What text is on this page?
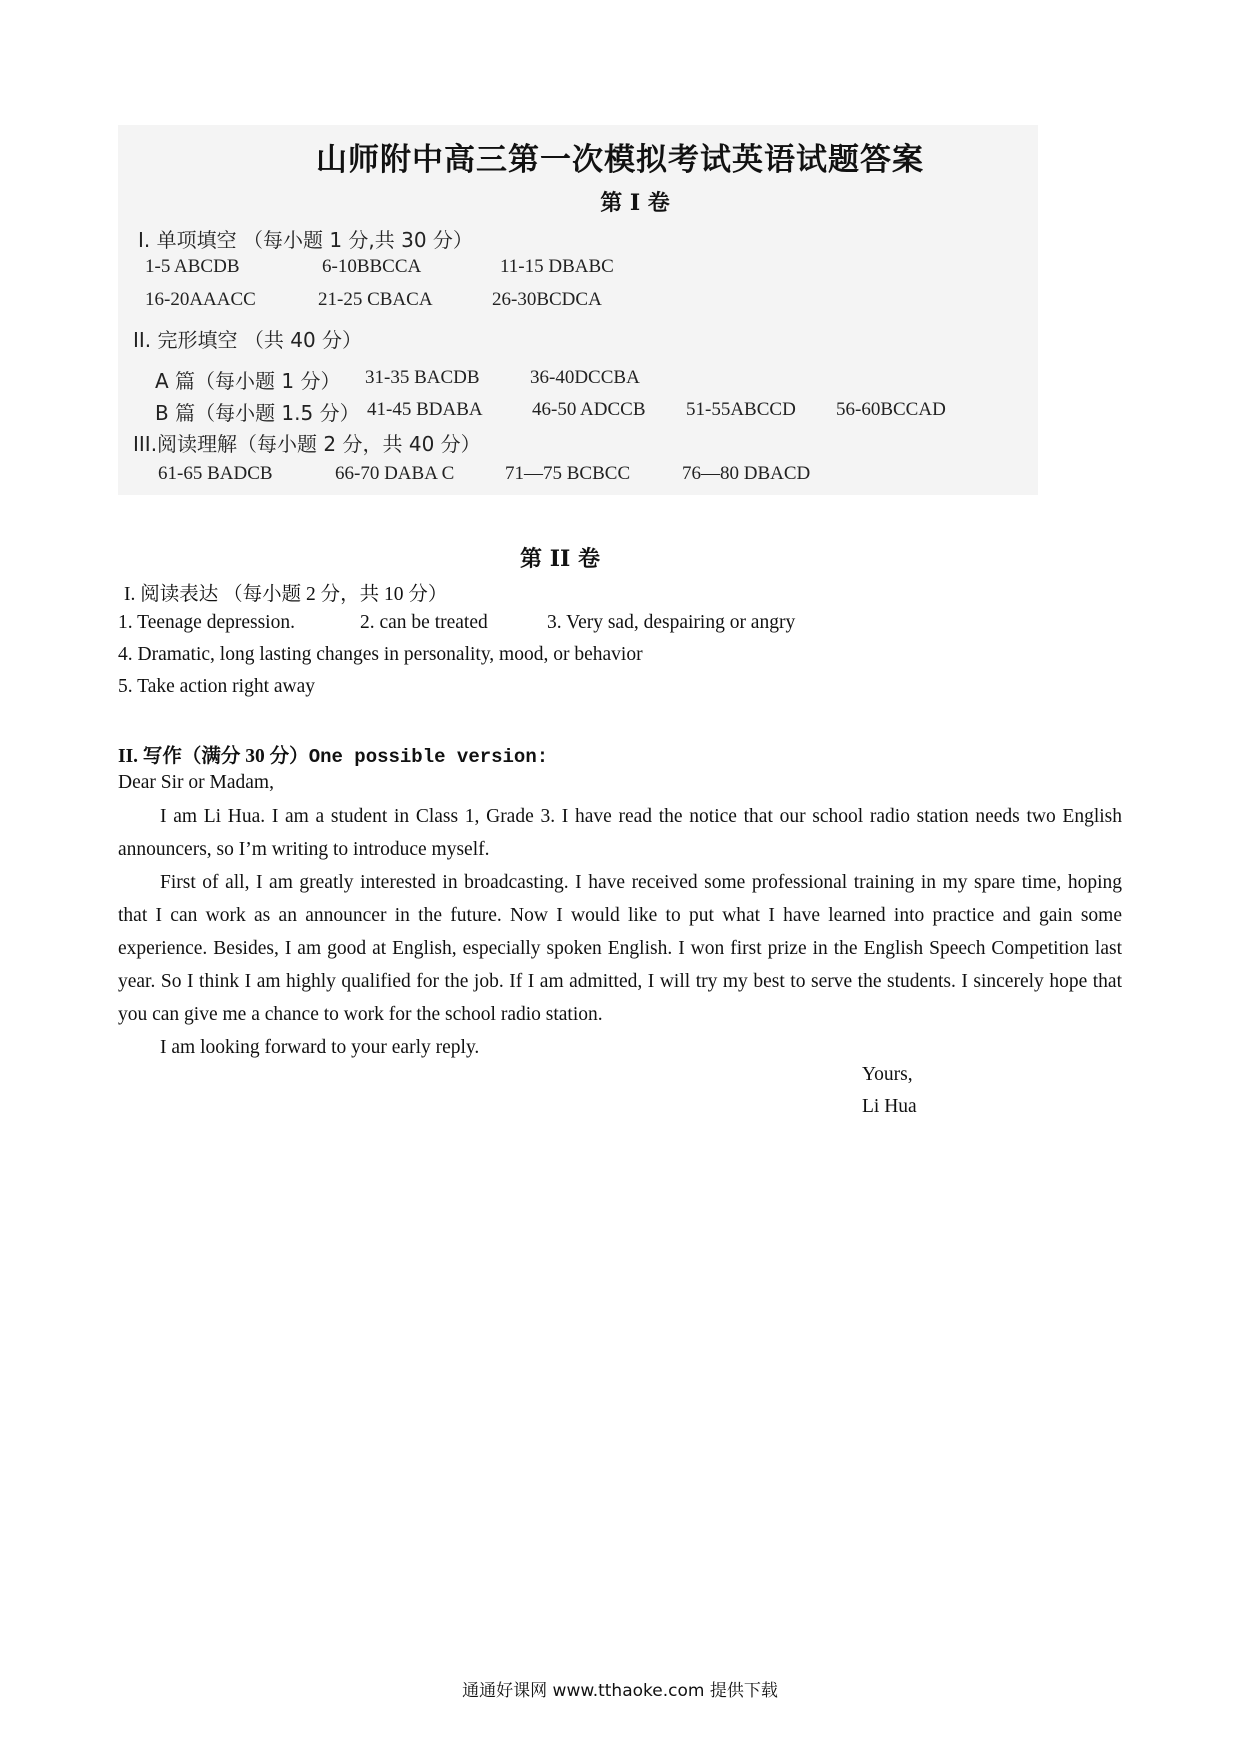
山师附中高三第一次模拟考试英语试题答案
第 I 卷
I. 单项填空 （每小题 1 分,共 30 分）
1-5 ABCDB	6-10BBCCA	11-15 DBABC
16-20AAACC	21-25 CBACA	26-30BCDCA
II. 完形填空 （共 40 分）
A 篇（每小题 1 分） 31-35 BACDB	36-40DCCBA
B 篇（每小题 1.5 分） 41-45 BDABA	46-50 ADCCB 51-55ABCCD 56-60BCCAD
III.阅读理解（每小题 2 分，共 40 分）
61-65 BADCB	66-70 DABA C	71—75 BCBCC	76—80 DBACD
第 II 卷
I. 阅读表达 （每小题 2 分，共 10 分）
1. Teenage depression.	2. can be treated	3. Very sad, despairing or angry
4. Dramatic, long lasting changes in personality, mood, or behavior
5. Take action right away
II. 写作（满分 30 分）One possible version:
Dear Sir or Madam,
I am Li Hua. I am a student in Class 1, Grade 3. I have read the notice that our school radio station needs two English announcers, so I’m writing to introduce myself.
First of all, I am greatly interested in broadcasting. I have received some professional training in my spare time, hoping that I can work as an announcer in the future. Now I would like to put what I have learned into practice and gain some experience. Besides, I am good at English, especially spoken English. I won first prize in the English Speech Competition last year. So I think I am highly qualified for the job. If I am admitted, I will try my best to serve the students. I sincerely hope that you can give me a chance to work for the school radio station.
I am looking forward to your early reply.
Yours,
Li Hua
通通好课网 www.tthaoke.com 提供下载
